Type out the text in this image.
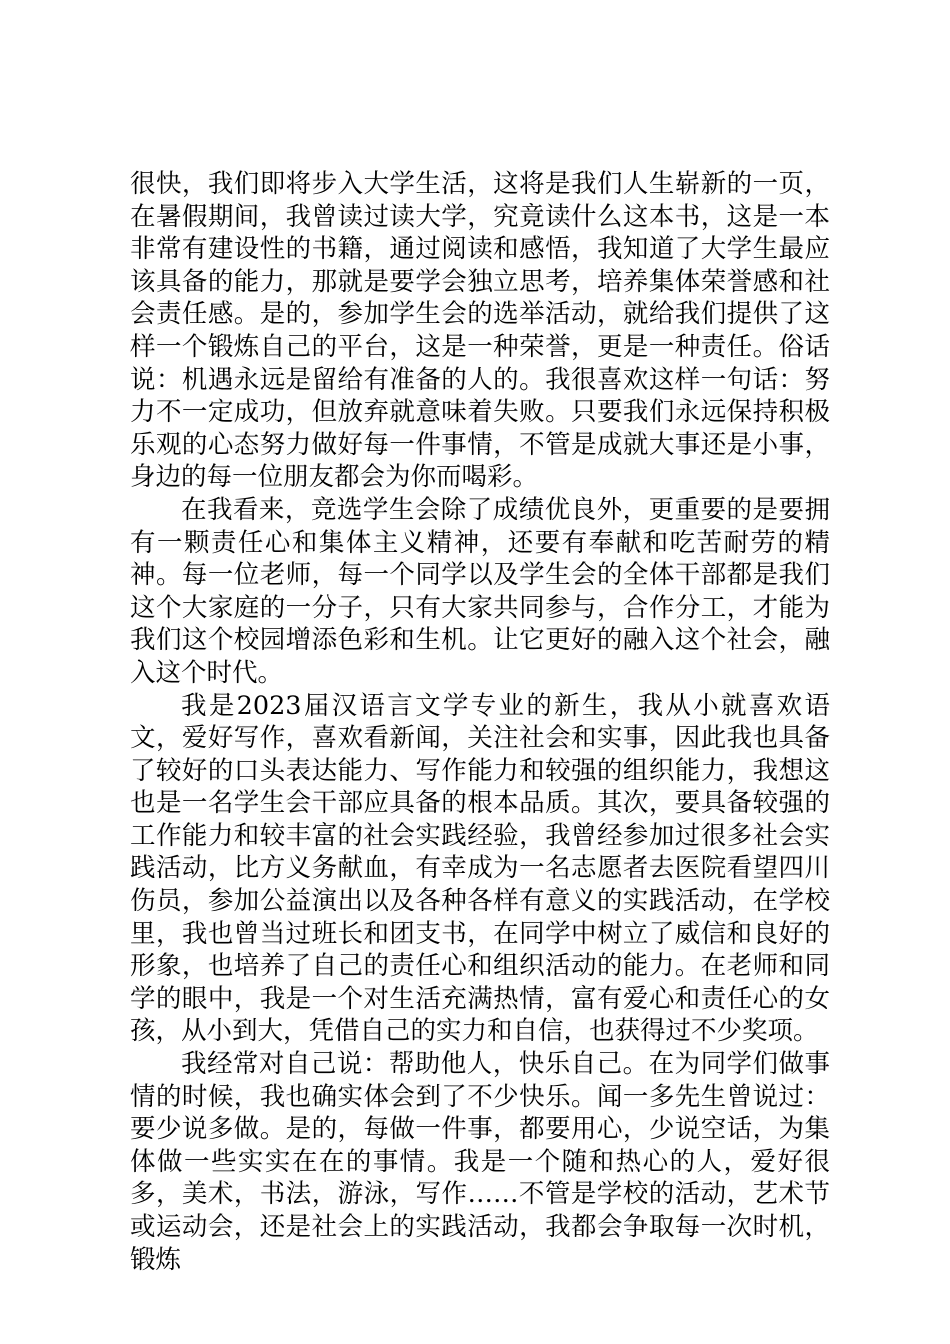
很快，我们即将步入大学生活，这将是我们人生崭新的一页，在暑假期间，我曾读过读大学，究竟读什么这本书，这是一本非常有建设性的书籍，通过阅读和感悟，我知道了大学生最应该具备的能力，那就是要学会独立思考，培养集体荣誉感和社会责任感。是的，参加学生会的选举活动，就给我们提供了这样一个锻炼自己的平台，这是一种荣誉，更是一种责任。俗话说：机遇永远是留给有准备的人的。我很喜欢这样一句话：努力不一定成功，但放弃就意味着失败。只要我们永远保持积极乐观的心态努力做好每一件事情，不管是成就大事还是小事，身边的每一位朋友都会为你而喝彩。

在我看来，竞选学生会除了成绩优良外，更重要的是要拥有一颗责任心和集体主义精神，还要有奉献和吃苦耐劳的精神。每一位老师，每一个同学以及学生会的全体干部都是我们这个大家庭的一分子，只有大家共同参与，合作分工，才能为我们这个校园增添色彩和生机。让它更好的融入这个社会，融入这个时代。

我是2023届汉语言文学专业的新生，我从小就喜欢语文，爱好写作，喜欢看新闻，关注社会和实事，因此我也具备了较好的口头表达能力、写作能力和较强的组织能力，我想这也是一名学生会干部应具备的根本品质。其次，要具备较强的工作能力和较丰富的社会实践经验，我曾经参加过很多社会实践活动，比方义务献血，有幸成为一名志愿者去医院看望四川伤员，参加公益演出以及各种各样有意义的实践活动，在学校里，我也曾当过班长和团支书，在同学中树立了威信和良好的形象，也培养了自己的责任心和组织活动的能力。在老师和同学的眼中，我是一个对生活充满热情，富有爱心和责任心的女孩，从小到大，凭借自己的实力和自信，也获得过不少奖项。

我经常对自己说：帮助他人，快乐自己。在为同学们做事情的时候，我也确实体会到了不少快乐。闻一多先生曾说过：要少说多做。是的，每做一件事，都要用心，少说空话，为集体做一些实实在在的事情。我是一个随和热心的人，爱好很多，美术，书法，游泳，写作……不管是学校的活动，艺术节或运动会，还是社会上的实践活动，我都会争取每一次时机，锻炼
